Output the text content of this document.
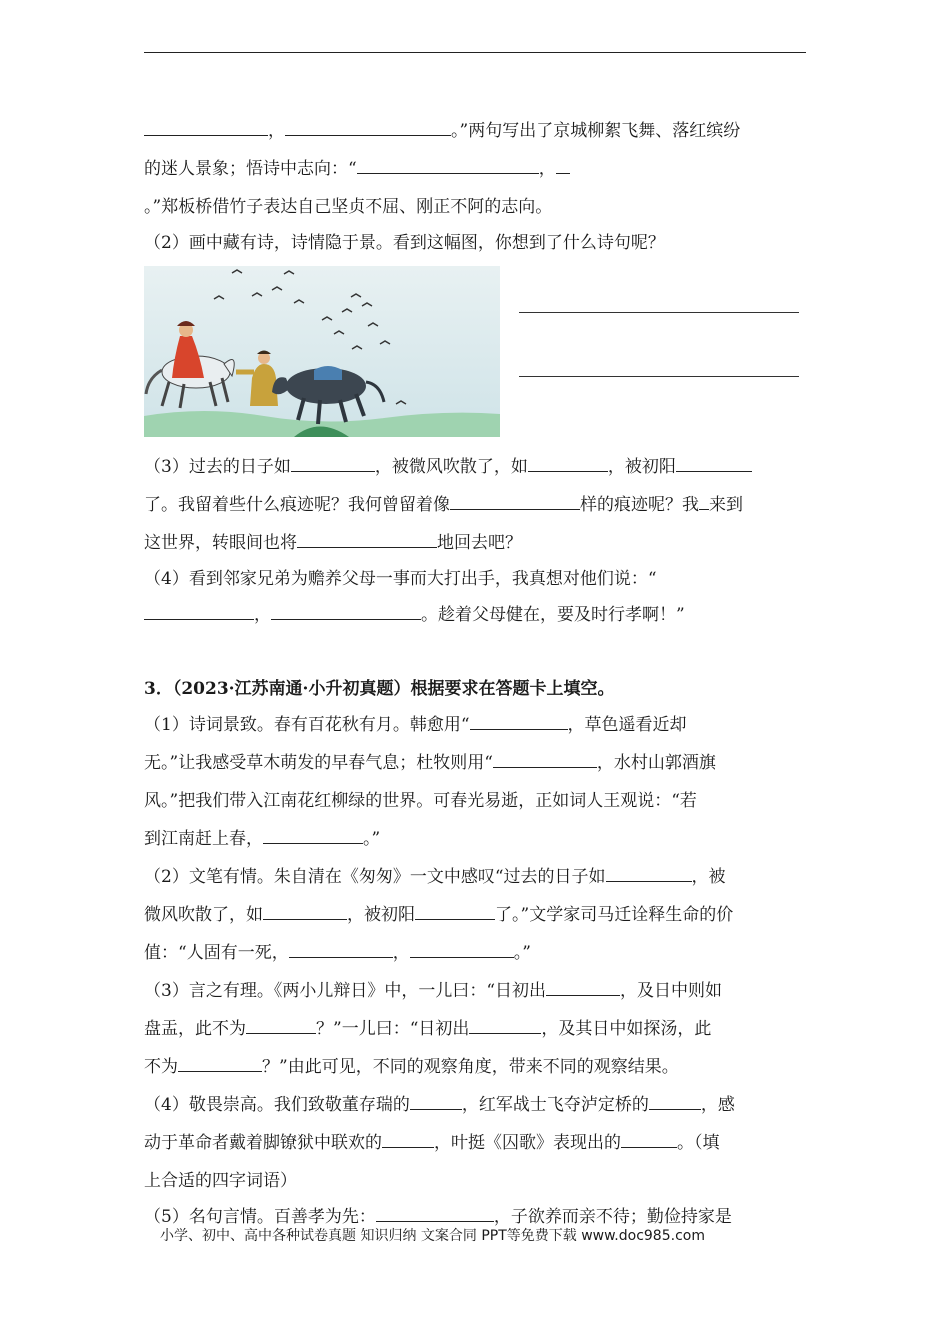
，	。”两句写出了京城柳絮飞舞、落红缤纷
的迷人景象；悟诗中志向：“	，
。”郑板桥借竹子表达自己坚贞不屈、刚正不阿的志向。
（2）画中藏有诗，诗情隐于景。看到这幅图，你想到了什么诗句呢？
（3）过去的日子如	，被微风吹散了，如	，被初阳
了。我留着些什么痕迹呢？我何曾留着像	样的痕迹呢？我 来到
这世界，转眼间也将	地回去吧？
（4）看到邻家兄弟为赡养父母一事而大打出手，我真想对他们说：“
，	。趁着父母健在，要及时行孝啊！”
3．（2023·江苏南通·小升初真题）根据要求在答题卡上填空。
（1）诗词景致。春有百花秋有月。韩愈用“	，草色遥看近却
无。”让我感受草木萌发的早春气息；杜牧则用“	，水村山郭酒旗
风。”把我们带入江南花红柳绿的世界。可春光易逝，正如词人王观说：“若
到江南赶上春，	。”
（2）文笔有情。朱自清在《匆匆》一文中感叹“过去的日子如	，被
微风吹散了，如	，被初阳	了。”文学家司马迁诠释生命的价
值：“人固有一死，	，	。”
（3）言之有理。《两小儿辩日》中，一儿曰：“日初出	，及日中则如
盘盂，此不为	？”一儿曰：“日初出	，及其日中如探汤，此
不为	？”由此可见，不同的观察角度，带来不同的观察结果。
（4）敬畏崇高。我们致敬董存瑞的	，红军战士飞夺泸定桥的	，感
动于革命者戴着脚镣狱中联欢的	，叶挺《囚歌》表现出的	。（填
上合适的四字词语）
（5）名句言情。百善孝为先：	，子欲养而亲不待；勤俭持家是
小学、初中、高中各种试卷真题 知识归纳 文案合同 PPT等免费下载 www.doc985.com
